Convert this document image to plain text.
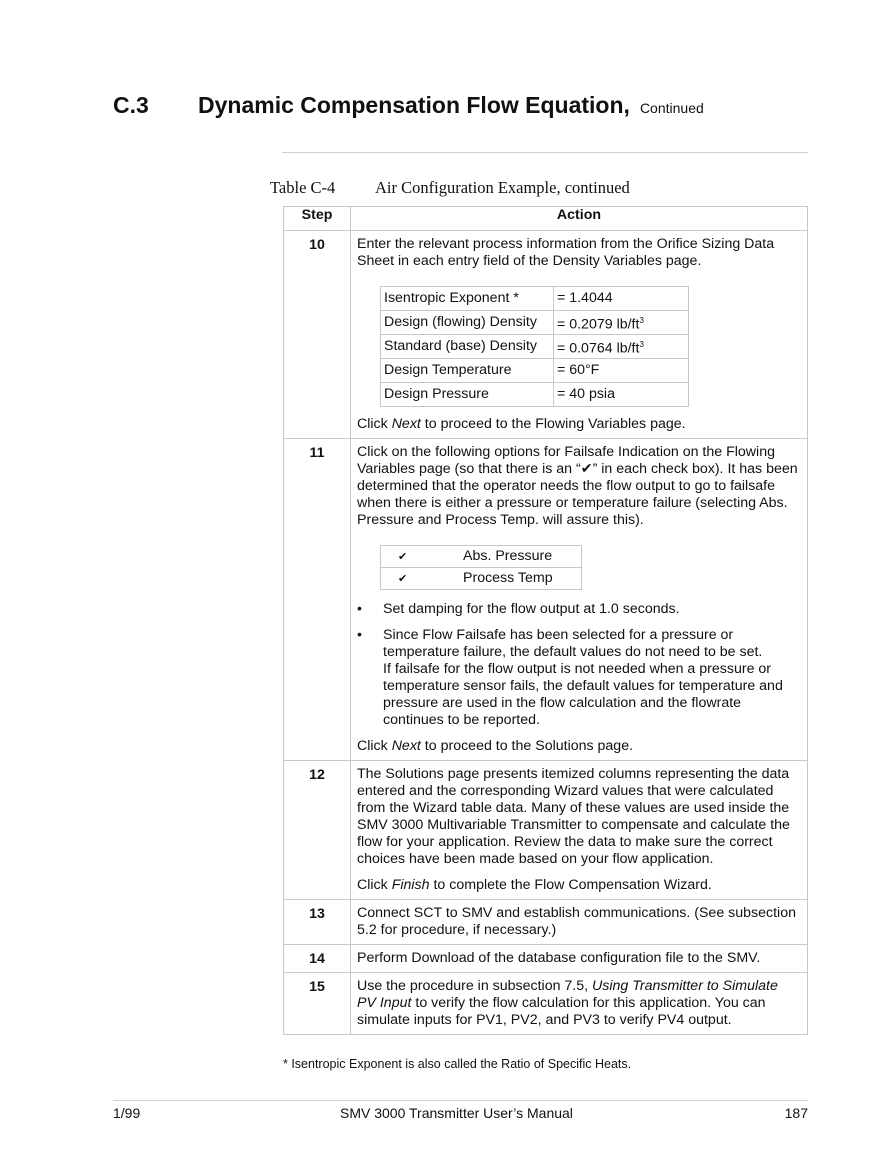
C.3 Dynamic Compensation Flow Equation, Continued
Table C-4 Air Configuration Example, continued
Step	Action
10	Enter the relevant process information from the Orifice Sizing Data Sheet in each entry field of the Density Variables page.

Isentropic Exponent *	= 1.4044
Design (flowing) Density	= 0.2079 $lb/ft^3$
Standard (base) Density	= 0.0764 $lb/ft^3$
Design Temperature	= 60°F
Design Pressure	= 40 psia

Click Next to proceed to the Flowing Variables page.

11	Click on the following options for Failsafe Indication on the Flowing Variables page (so that there is an “✔” in each check box). It has been determined that the operator needs the flow output to go to failsafe when there is either a pressure or temperature failure (selecting Abs. Pressure and Process Temp. will assure this).

✔	Abs. Pressure
✔	Process Temp
• Set damping for the flow output at 1.0 seconds.
• Since Flow Failsafe has been selected for a pressure or temperature failure, the default values do not need to be set.
If failsafe for the flow output is not needed when a pressure or temperature sensor fails, the default values for temperature and pressure are used in the flow calculation and the flowrate continues to be reported.

Click Next to proceed to the Solutions page.

12	The Solutions page presents itemized columns representing the data entered and the corresponding Wizard values that were calculated from the Wizard table data. Many of these values are used inside the SMV 3000 Multivariable Transmitter to compensate and calculate the flow for your application. Review the data to make sure the correct choices have been made based on your flow application.

Click Finish to complete the Flow Compensation Wizard.

13	Connect SCT to SMV and establish communications. (See subsection 5.2 for procedure, if necessary.)

14	Perform Download of the database configuration file to the SMV.

15	Use the procedure in subsection 7.5, Using Transmitter to Simulate PV Input to verify the flow calculation for this application. You can simulate inputs for PV1, PV2, and PV3 to verify PV4 output.

* Isentropic Exponent is also called the Ratio of Specific Heats.
1/99	SMV 3000 Transmitter User’s Manual	187
